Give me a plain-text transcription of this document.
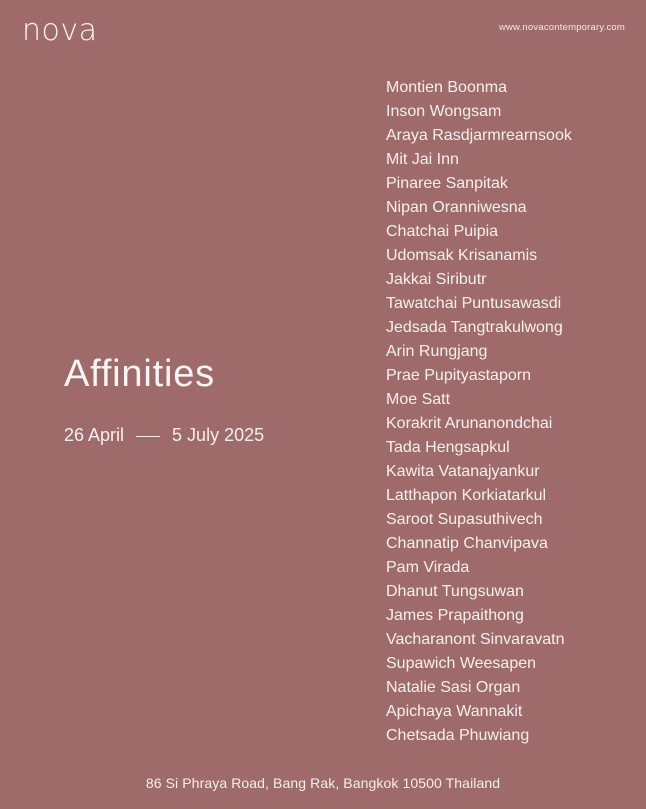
nova	www.novacontemporary.com
Affinities
26 April	5 July 2025
Montien Boonma
Inson Wongsam
Araya Rasdjarmrearnsook
Mit Jai Inn
Pinaree Sanpitak
Nipan Oranniwesna
Chatchai Puipia
Udomsak Krisanamis
Jakkai Siributr
Tawatchai Puntusawasdi
Jedsada Tangtrakulwong
Arin Rungjang
Prae Pupityastaporn
Moe Satt
Korakrit Arunanondchai
Tada Hengsapkul
Kawita Vatanajyankur
Latthapon Korkiatarkul
Saroot Supasuthivech
Channatip Chanvipava
Pam Virada
Dhanut Tungsuwan
James Prapaithong
Vacharanont Sinvaravatn
Supawich Weesapen
Natalie Sasi Organ
Apichaya Wannakit
Chetsada Phuwiang
86 Si Phraya Road, Bang Rak, Bangkok 10500 Thailand
